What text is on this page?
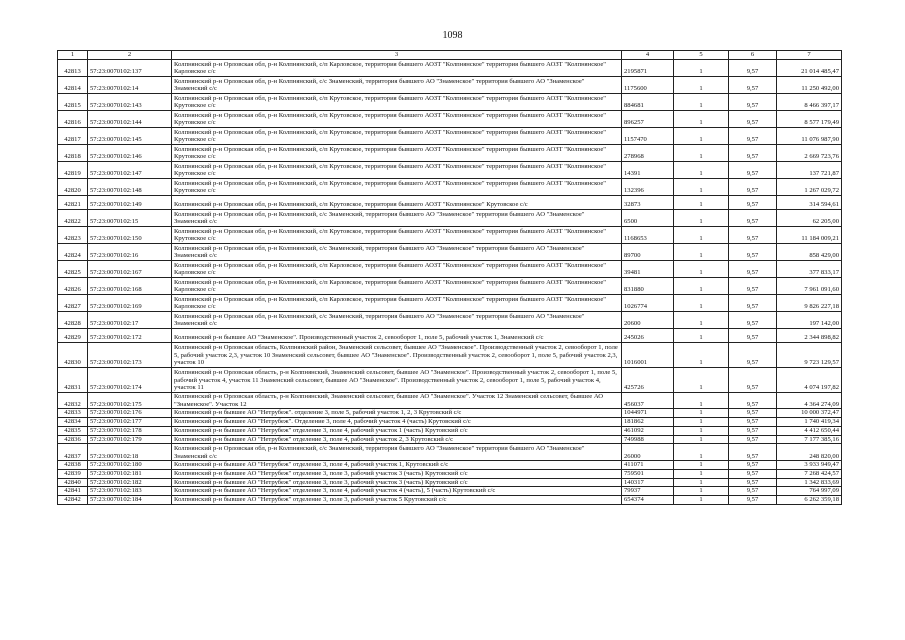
1098
1	2	3	4	5	6	7
42813	57:23:0070102:137	Колпнянский р-н Орловская обл, р-н Колпнянский, с/п Карловское, территория бывшего АОЗТ "Колпнянское" территория бывшего АОЗТ "Колпнянское" Карловское с/с	2195871	1	9,57	21 014 485,47
42814	57:23:0070102:14	Колпнянский р-н Орловская обл, р-н Колпнянский, с/с Знаменский, территория бывшего АО "Знаменское" территория бывшего АО "Знаменское" Знаменский с/с	1175600	1	9,57	11 250 492,00
42815	57:23:0070102:143	Колпнянский р-н Орловская обл, р-н Колпнянский, с/п Крутовское, территория бывшего АОЗТ "Колпнянское" территория бывшего АОЗТ "Колпнянское" Крутовское с/с	884681	1	9,57	8 466 397,17
42816	57:23:0070102:144	Колпнянский р-н Орловская обл, р-н Колпнянский, с/п Крутовское, территория бывшего АОЗТ "Колпнянское" территория бывшего АОЗТ "Колпнянское" Крутовское с/с	896257	1	9,57	8 577 179,49
42817	57:23:0070102:145	Колпнянский р-н Орловская обл, р-н Колпнянский, с/п Крутовское, территория бывшего АОЗТ "Колпнянское" территория бывшего АОЗТ "Колпнянское" Крутовское с/с	1157470	1	9,57	11 076 987,90
42818	57:23:0070102:146	Колпнянский р-н Орловская обл, р-н Колпнянский, с/п Крутовское, территория бывшего АОЗТ "Колпнянское" территория бывшего АОЗТ "Колпнянское" Крутовское с/с	278968	1	9,57	2 669 723,76
42819	57:23:0070102:147	Колпнянский р-н Орловская обл, р-н Колпнянский, с/п Крутовское, территория бывшего АОЗТ "Колпнянское" территория бывшего АОЗТ "Колпнянское" Крутовское с/с	14391	1	9,57	137 721,87
42820	57:23:0070102:148	Колпнянский р-н Орловская обл, р-н Колпнянский, с/п Крутовское, территория бывшего АОЗТ "Колпнянское" территория бывшего АОЗТ "Колпнянское" Крутовское с/с	132396	1	9,57	1 267 029,72
42821	57:23:0070102:149	Колпнянский р-н Орловская обл, р-н Колпнянский, с/п Крутовское, территория бывшего АОЗТ "Колпнянское" Крутовское с/с	32873	1	9,57	314 594,61
42822	57:23:0070102:15	Колпнянский р-н Орловская обл, р-н Колпнянский, с/с Знаменский, территория бывшего АО "Знаменское" территория бывшего АО "Знаменское" Знаменский с/с	6500	1	9,57	62 205,00
42823	57:23:0070102:150	Колпнянский р-н Орловская обл, р-н Колпнянский, с/п Крутовское, территория бывшего АОЗТ "Колпнянское" территория бывшего АОЗТ "Колпнянское" Крутовское с/с	1168653	1	9,57	11 184 009,21
42824	57:23:0070102:16	Колпнянский р-н Орловская обл, р-н Колпнянский, с/с Знаменский, территория бывшего АО "Знаменское" территория бывшего АО "Знаменское" Знаменский с/с	89700	1	9,57	858 429,00
42825	57:23:0070102:167	Колпнянский р-н Орловская обл, р-н Колпнянский, с/п Карловское, территория бывшего АОЗТ "Колпнянское" территория бывшего АОЗТ "Колпнянское" Карловское с/с	39481	1	9,57	377 833,17
42826	57:23:0070102:168	Колпнянский р-н Орловская обл, р-н Колпнянский, с/п Карловское, территория бывшего АОЗТ "Колпнянское" территория бывшего АОЗТ "Колпнянское" Карловское с/с	831880	1	9,57	7 961 091,60
42827	57:23:0070102:169	Колпнянский р-н Орловская обл, р-н Колпнянский, с/п Карловское, территория бывшего АОЗТ "Колпнянское" территория бывшего АОЗТ "Колпнянское" Карловское с/с	1026774	1	9,57	9 826 227,18
42828	57:23:0070102:17	Колпнянский р-н Орловская обл, р-н Колпнянский, с/с Знаменский, территория бывшего АО "Знаменское" территория бывшего АО "Знаменское" Знаменский с/с	20600	1	9,57	197 142,00
42829	57:23:0070102:172	Колпнянский р-н бывшее АО "Знаменское". Производственный участок 2, севооборот 1, поле 5, рабочий участок 1, Знаменский с/с	245026	1	9,57	2 344 898,82
42830	57:23:0070102:173	Колпнянский р-н Орловская область, Колпнянский район, Знаменский сельсовет, бывшее АО "Знаменское". Производственный участок 2, севооборот 1, поле 5, рабочий участок 2,3, участок 10 Знаменский сельсовет, бывшее АО "Знаменское". Производственный участок 2, севооборот 1, поле 5, рабочий участок 2,3, участок 10	1016001	1	9,57	9 723 129,57
42831	57:23:0070102:174	Колпнянский р-н Орловская область, р-н Колпнянский, Знаменский сельсовет, бывшее АО "Знаменское". Производственный участок 2, севооборот 1, поле 5, рабочий участок 4, участок 11 Знаменский сельсовет, бывшее АО "Знаменское". Производственный участок 2, севооборот 1, поле 5, рабочий участок 4, участок 11	425726	1	9,57	4 074 197,82
42832	57:23:0070102:175	Колпнянский р-н Орловская область, р-н Колпнянский, Знаменский сельсовет, бывшее АО "Знаменское". Участок 12 Знаменский сельсовет, бывшее АО "Знаменское". Участок 12	456037	1	9,57	4 364 274,09
42833	57:23:0070102:176	Колпнянский р-н бывшее АО "Нетрубеж". отделение 3, поле 5, рабочий участок 1, 2, 3 Крутовский с/с	1044971	1	9,57	10 000 372,47
42834	57:23:0070102:177	Колпнянский р-н бывшее АО "Нетрубеж". Отделение 3, поле 4, рабочий участок 4 (часть) Крутовский с/с	181862	1	9,57	1 740 419,34
42835	57:23:0070102:178	Колпнянский р-н бывшее АО "Нетрубеж" отделение 3, поле 4, рабочий участок 1 (часть) Крутовский с/с	461092	1	9,57	4 412 650,44
42836	57:23:0070102:179	Колпнянский р-н бывшее АО "Нетрубеж" отделение 3, поле 4, рабочий участок 2, 3 Крутовский с/с	749988	1	9,57	7 177 385,16
42837	57:23:0070102:18	Колпнянский р-н Орловская обл, р-н Колпнянский, с/с Знаменский, территория бывшего АО "Знаменское" территория бывшего АО "Знаменское" Знаменский с/с	26000	1	9,57	248 820,00
42838	57:23:0070102:180	Колпнянский р-н бывшее АО "Нетрубеж" отделение 3, поле 4, рабочий участок 1, Крутовский с/с	411071	1	9,57	3 933 949,47
42839	57:23:0070102:181	Колпнянский р-н бывшее АО "Нетрубеж" отделение 3, поле 3, рабочий участок 3 (часть) Крутовский с/с	759501	1	9,57	7 268 424,57
42840	57:23:0070102:182	Колпнянский р-н бывшее АО "Нетрубеж" отделение 3, поле 3, рабочий участок 3 (часть) Крутовский с/с	140317	1	9,57	1 342 833,69
42841	57:23:0070102:183	Колпнянский р-н бывшее АО "Нетрубеж" отделение 3, поле 4, рабочий участок 4 (часть), 5 (часть) Крутовский с/с	79937	1	9,57	764 997,09
42842	57:23:0070102:184	Колпнянский р-н бывшее АО "Нетрубеж" отделение 3, поле 3, рабочий участок 5 Крутовский с/с	654374	1	9,57	6 262 359,18
